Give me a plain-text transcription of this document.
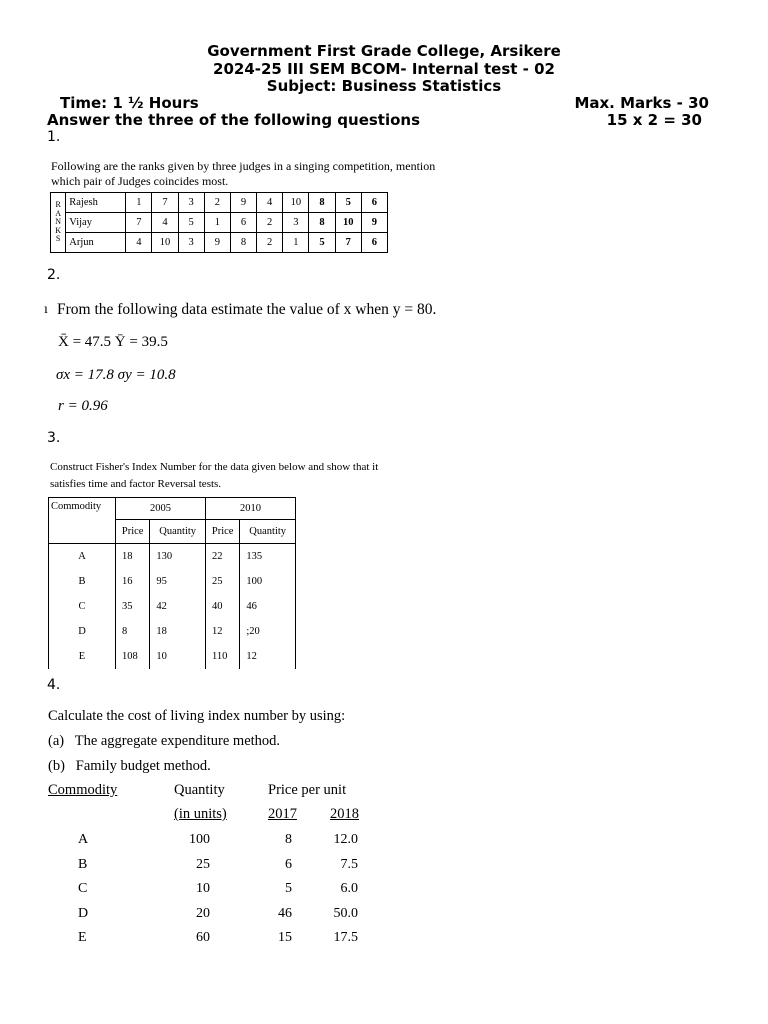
Government First Grade College, Arsikere
2024-25 III SEM BCOM- Internal test - 02
Subject: Business Statistics
Time: 1 ½ Hours	Max. Marks - 30
Answer the three of the following questions	15 x 2 = 30
1.
Following are the ranks given by three judges in a singing competition, mention
which pair of Judges coincides most.
R
A
N
K
S	Rajesh	1	7	3	2	9	4	10	8	5	6
	Vijay	7	4	5	1	6	2	3	8	10	9
	Arjun	4	10	3	9	8	2	1	5	7	6
2.
ı From the following data estimate the value of x when y = 80.
X̄ = 47.5 Ȳ = 39.5
σx = 17.8 σy = 10.8
r = 0.96
3.
Construct Fisher's Index Number for the data given below and show that it
satisfies time and factor Reversal tests.
Commodity	2005		2010	
	Price	Quantity	Price	Quantity
A	18	130	22	135
B	16	95	25	100
C	35	42	40	46
D	8	18	12	;20
E	108	10	110	12
4.
Calculate the cost of living index number by using:
(a)   The aggregate expenditure method.
(b)   Family budget method.
Commodity	Quantity
(in units)
Price per unit
2017 2018
A	100	8	12.0
B	25	6	7.5
C	10	5	6.0
D	20	46	50.0
E	60	15	17.5
